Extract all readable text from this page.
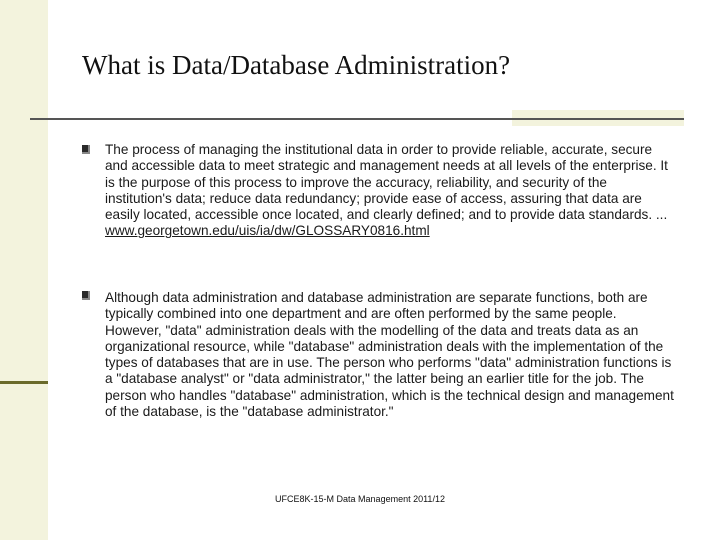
What is Data/Database Administration?
The process of managing the institutional data in order to provide reliable, accurate, secure and accessible data to meet strategic and management needs at all levels of the enterprise. It is the purpose of this process to improve the accuracy, reliability, and security of the institution's data; reduce data redundancy; provide ease of access, assuring that data are easily located, accessible once located, and clearly defined; and to provide data standards. ... www.georgetown.edu/uis/ia/dw/GLOSSARY0816.html
Although data administration and database administration are separate functions, both are typically combined into one department and are often performed by the same people. However, "data" administration deals with the modelling of the data and treats data as an organizational resource, while "database" administration deals with the implementation of the types of databases that are in use. The person who performs "data" administration functions is a "database analyst" or "data administrator," the latter being an earlier title for the job. The person who handles "database" administration, which is the technical design and management of the database, is the "database administrator."
UFCE8K-15-M Data Management 2011/12
